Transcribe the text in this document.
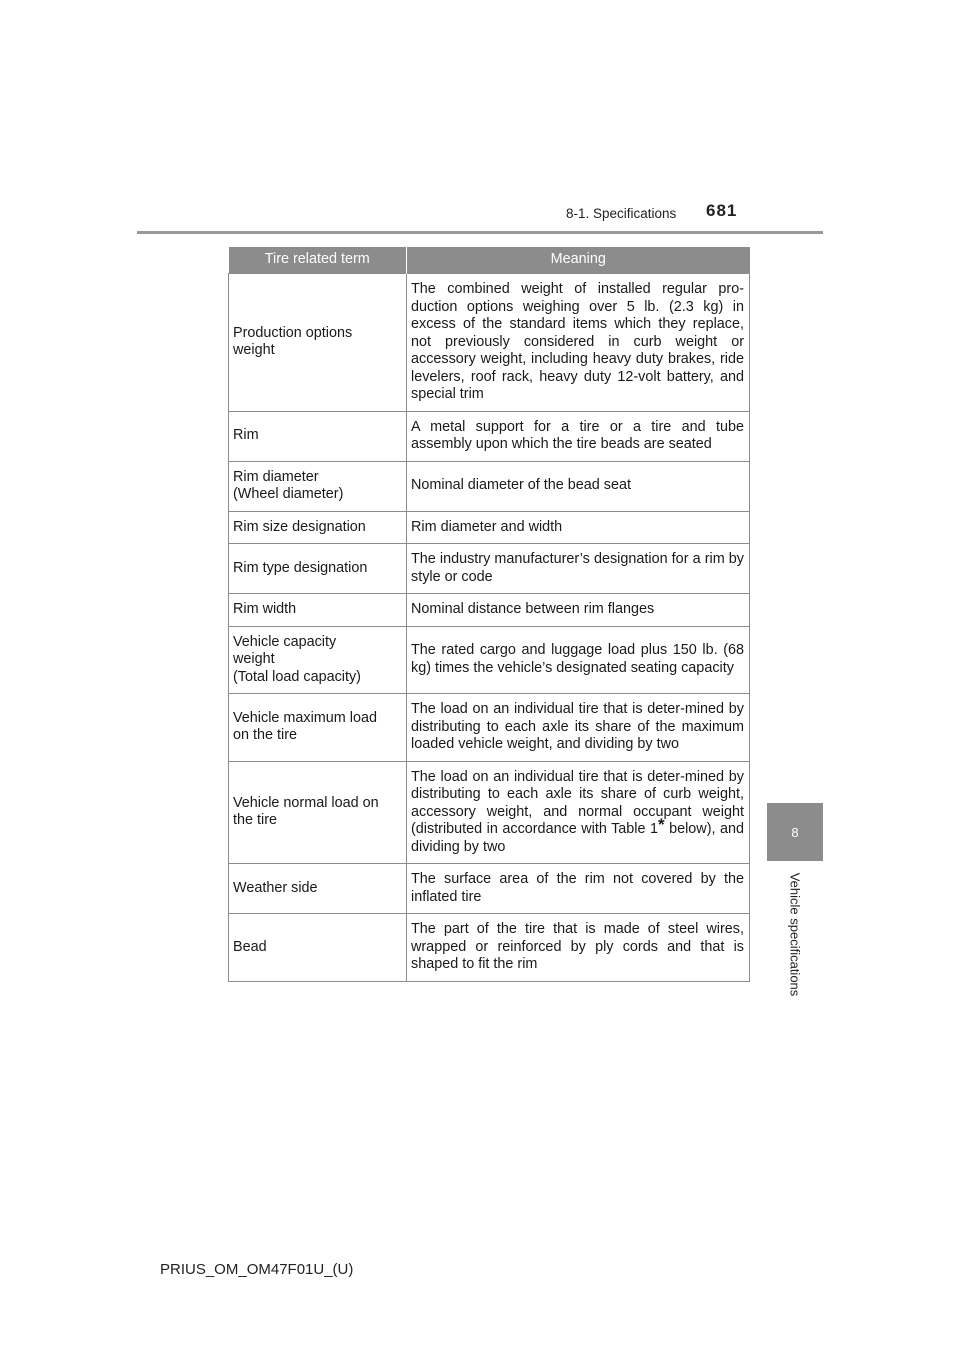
8-1. Specifications 681
8
Vehicle specifications
Tire related term	Meaning
Production options
weight	The combined weight of installed regular pro-duction options weighing over 5 lb. (2.3 kg) in excess of the standard items which they replace, not previously considered in curb weight or accessory weight, including heavy duty brakes, ride levelers, roof rack, heavy duty 12-volt battery, and special trim
Rim	A metal support for a tire or a tire and tube assembly upon which the tire beads are seated
Rim diameter
(Wheel diameter)	Nominal diameter of the bead seat
Rim size designation	Rim diameter and width
Rim type designation	The industry manufacturer’s designation for a rim by style or code
Rim width	Nominal distance between rim flanges
Vehicle capacity
weight
(Total load capacity)	The rated cargo and luggage load plus 150 lb. (68 kg) times the vehicle’s designated seating capacity
Vehicle maximum load
on the tire	The load on an individual tire that is deter-mined by distributing to each axle its share of the maximum loaded vehicle weight, and dividing by two
Vehicle normal load on
the tire	The load on an individual tire that is deter-mined by distributing to each axle its share of curb weight, accessory weight, and normal occupant weight (distributed in accordance with Table 1* below), and dividing by two
Weather side	The surface area of the rim not covered by the inflated tire
Bead	The part of the tire that is made of steel wires, wrapped or reinforced by ply cords and that is shaped to fit the rim
PRIUS_OM_OM47F01U_(U)
